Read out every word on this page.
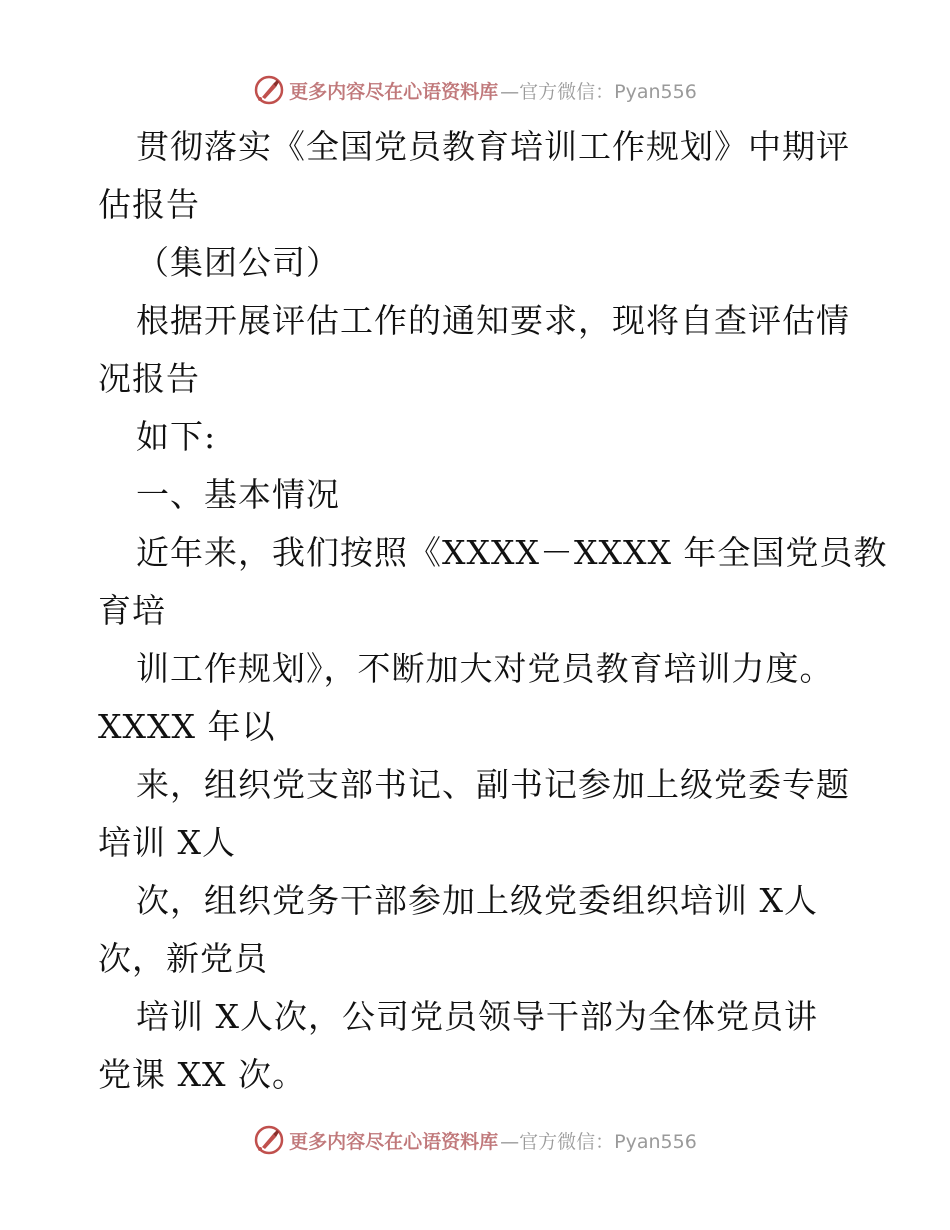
更多内容尽在心语资料库 —官方微信：Pyan556
贯彻落实《全国党员教育培训工作规划》中期评
估报告
（集团公司）
根据开展评估工作的通知要求，现将自查评估情
况报告
如下:
一、基本情况
近年来，我们按照《XXXX－XXXX 年全国党员教
育培
训工作规划》，不断加大对党员教育培训力度。
XXXX 年以
来，组织党支部书记、副书记参加上级党委专题
培训 X人
次，组织党务干部参加上级党委组织培训 X人
次，新党员
培训 X人次，公司党员领导干部为全体党员讲
党课 XX 次。
更多内容尽在心语资料库 —官方微信：Pyan556
